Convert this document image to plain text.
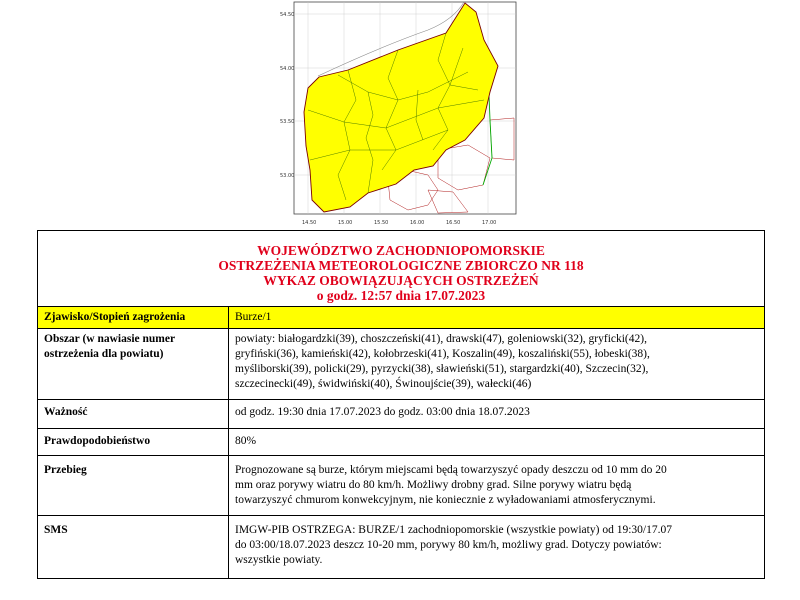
54.50
54.00
53.50
53.00
14.50	15.00	15.50	16.00	16.50	17.00
WOJEWÓDZTWO ZACHODNIOPOMORSKIE
OSTRZEŻENIA METEOROLOGICZNE ZBIORCZO NR 118
WYKAZ OBOWIĄZUJĄCYCH OSTRZEŻEŃ
o godz. 12:57 dnia 17.07.2023	

Zjawisko/Stopień zagrożenia	Burze/1
Obszar (w nawiasie numer ostrzeżenia dla powiatu)	powiaty: białogardzki(39), choszczeński(41), drawski(47), goleniowski(32), gryficki(42),
gryfiński(36), kamieński(42), kołobrzeski(41), Koszalin(49), koszaliński(55), łobeski(38),
myśliborski(39), policki(29), pyrzycki(38), sławieński(51), stargardzki(40), Szczecin(32),
szczecinecki(49), świdwiński(40), Świnoujście(39), wałecki(46)

Ważność	od godz. 19:30 dnia 17.07.2023 do godz. 03:00 dnia 18.07.2023
Prawdopodobieństwo	80%
Przebieg	Prognozowane są burze, którym miejscami będą towarzyszyć opady deszczu od 10 mm do 20
mm oraz porywy wiatru do 80 km/h. Możliwy drobny grad. Silne porywy wiatru będą
towarzyszyć chmurom konwekcyjnym, nie koniecznie z wyładowaniami atmosferycznymi.

SMS	IMGW-PIB OSTRZEGA: BURZE/1 zachodniopomorskie (wszystkie powiaty) od 19:30/17.07
do 03:00/18.07.2023 deszcz 10-20 mm, porywy 80 km/h, możliwy grad. Dotyczy powiatów:
wszystkie powiaty.
